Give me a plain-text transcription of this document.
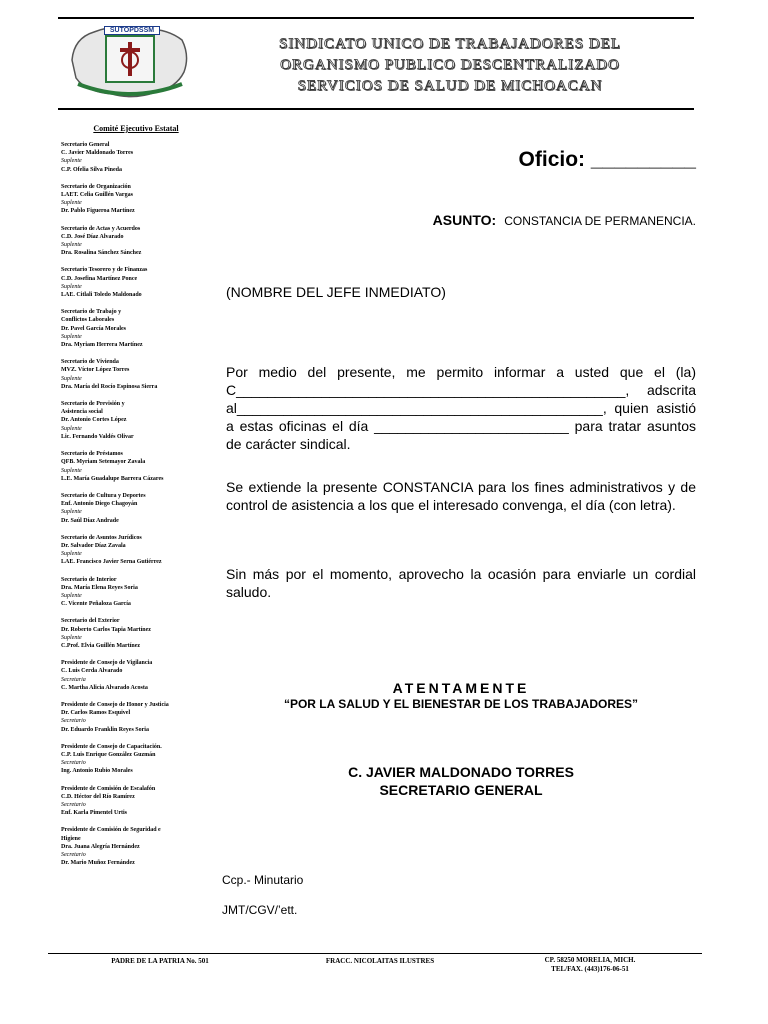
SUTOPDSSM
SINDICATO UNICO DE TRABAJADORES DEL
ORGANISMO PUBLICO DESCENTRALIZADO
SERVICIOS DE SALUD DE MICHOACAN
Comité Ejecutivo Estatal
Secretario General
C. Javier Maldonado Torres
Suplente
C.P. Ofelia Silva Pineda
Secretario de Organización
LAET. Celia Guillén Vargas
Suplente
Dr. Pablo Figueroa Martínez
Secretario de Actas y Acuerdos
C.D. José Díaz Alvarado
Suplente
Dra. Rosalina Sánchez Sánchez
Secretario Tesorero y de Finanzas
C.D. Josefina Martínez Ponce
Suplente
LAE. Citlali Toledo Maldonado
Secretario de Trabajo y
Conflictos Laborales
Dr. Pavel García Morales
Suplente
Dra. Myriam Herrera Martínez
Secretario de Vivienda
MVZ. Víctor López Torres
Suplente
Dra. María del Rocío Espinosa Sierra
Secretario de Previsión y
Asistencia social
Dr. Antonio Cortes López
Suplente
Lic. Fernando Valdés Olivar
Secretario de Préstamos
QFB. Myriam Setemayor Zavala
Suplente
L.E. María Guadalupe Barrera Cázares
Secretario de Cultura y Deportes
Enf. Antonio Diego Chagoyán
Suplente
Dr. Saúl Díaz Andrade
Secretario de Asuntos Jurídicos
Dr. Salvador Díaz Zavala
Suplente
LAE. Francisco Javier Serna Gutiérrez
Secretario de Interior
Dra. María Elena Reyes Soria
Suplente
C. Vicente Peñaloza García
Secretario del Exterior
Dr. Roberto Carlos Tapia Martínez
Suplente
C.Prof. Elvia Guillén Martínez
Presidente de Consejo de Vigilancia
C. Luis Cerda Alvarado
Secretaria
C. Martha Alicia Alvarado Acosta
Presidente de Consejo de Honor y Justicia
Dr. Carlos Ramos Esquivel
Secretario
Dr. Eduardo Franklin Reyes Soria
Presidente de Consejo de Capacitación.
C.P. Luis Enrique González Guzmán
Secretario
Ing. Antonio Rubio Morales
Presidente de Comisión de Escalafón
C.D. Héctor del Río Ramírez
Secretario
Enf. Karla Pimentel Urtis
Presidente de Comisión de Seguridad e
Higiene
Dra. Juana Alegría Hernández
Secretario
Dr. Mario Muñoz Fernández
Oficio: _________
ASUNTO: CONSTANCIA DE PERMANENCIA.
(NOMBRE DEL JEFE INMEDIATO)
Por medio del presente, me permito informar a usted que el (la) C__________________________________________________, adscrita al_______________________________________________, quien asistió a estas oficinas el día _________________________ para tratar asuntos de carácter sindical.
Se extiende la presente CONSTANCIA para los fines administrativos y de control de asistencia a los que el interesado convenga, el día (con letra).
Sin más por el momento, aprovecho la ocasión para enviarle un cordial saludo.
ATENTAMENTE
“POR LA SALUD Y EL BIENESTAR DE LOS TRABAJADORES”
C. JAVIER MALDONADO TORRES
SECRETARIO GENERAL
Ccp.- Minutario
JMT/CGV/’ett.
PADRE DE LA PATRIA No. 501	FRACC. NICOLAITAS ILUSTRES	CP. 58250 MORELIA, MICH.
TEL/FAX. (443)176-06-51
